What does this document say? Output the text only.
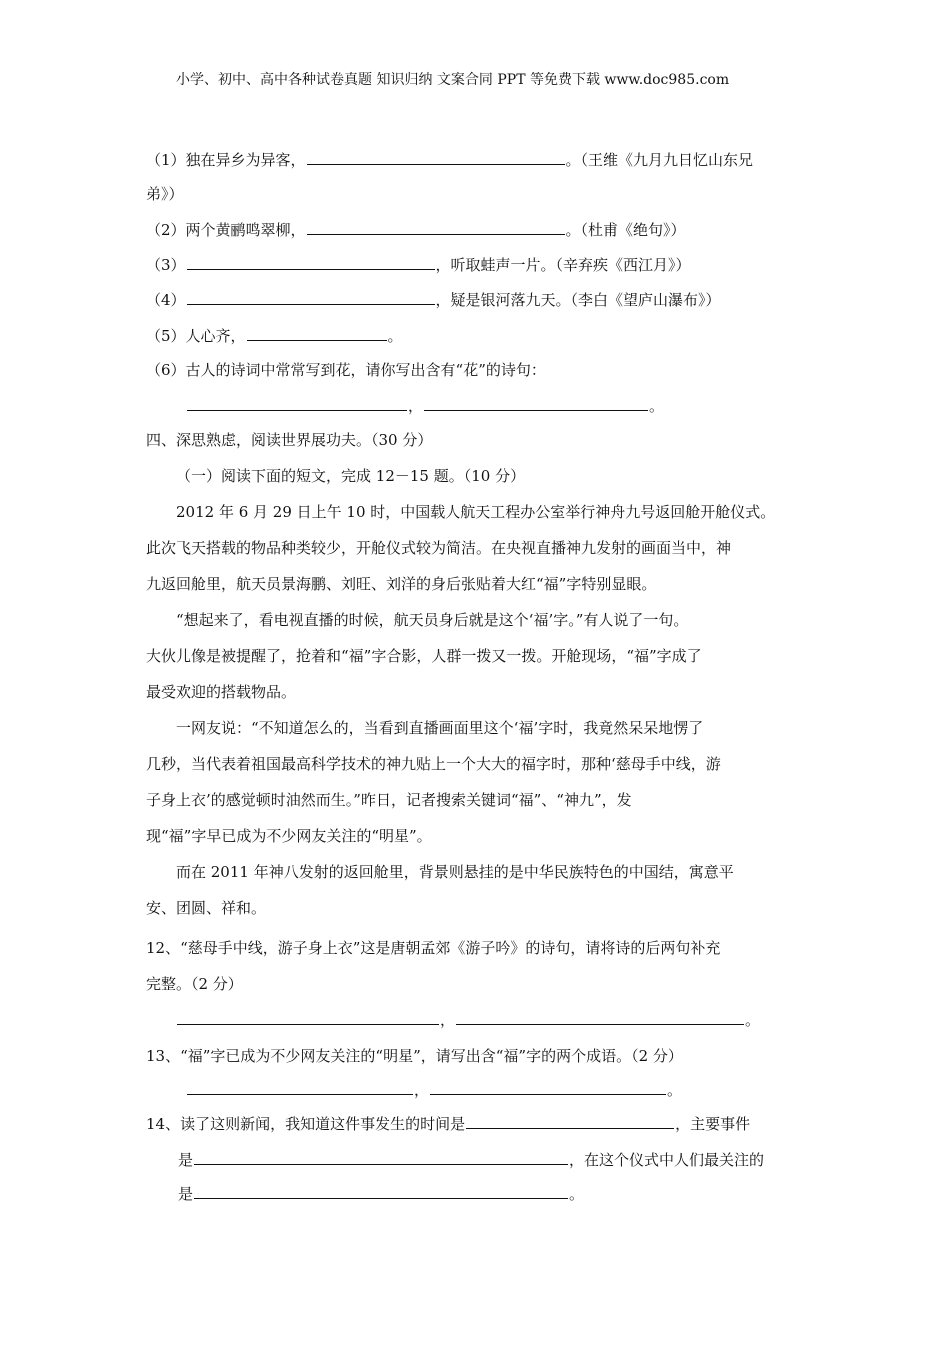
小学、初中、高中各种试卷真题 知识归纳 文案合同 PPT 等免费下载 www.doc985.com
（1）独在异乡为异客，	。（王维《九月九日忆山东兄
弟》）
（2）两个黄鹂鸣翠柳，	。（杜甫《绝句》）
（3）	，听取蛙声一片。（辛弃疾《西江月》）
（4）	，疑是银河落九天。（李白《望庐山瀑布》）
（5）人心齐，	。
（6）古人的诗词中常常写到花，请你写出含有“花”的诗句：
，	。
四、深思熟虑，阅读世界展功夫。（30 分）
（一）阅读下面的短文，完成 12－15 题。（10 分）
2012 年 6 月 29 日上午 10 时，中国载人航天工程办公室举行神舟九号返回舱开舱仪式。
此次飞天搭载的物品种类较少，开舱仪式较为简洁。在央视直播神九发射的画面当中，神
九返回舱里，航天员景海鹏、刘旺、刘洋的身后张贴着大红“福”字特别显眼。
“想起来了，看电视直播的时候，航天员身后就是这个‘福’字。”有人说了一句。
大伙儿像是被提醒了，抢着和“福”字合影，人群一拨又一拨。开舱现场，“福”字成了
最受欢迎的搭载物品。
一网友说：“不知道怎么的，当看到直播画面里这个‘福’字时，我竟然呆呆地愣了
几秒，当代表着祖国最高科学技术的神九贴上一个大大的福字时，那种‘慈母手中线，游
子身上衣’的感觉顿时油然而生。”昨日，记者搜索关键词“福”、“神九”，发
现“福”字早已成为不少网友关注的“明星”。
而在 2011 年神八发射的返回舱里，背景则悬挂的是中华民族特色的中国结，寓意平
安、团圆、祥和。
12、“慈母手中线，游子身上衣”这是唐朝孟郊《游子吟》的诗句，请将诗的后两句补充
完整。（2 分）
，	。
13、“福”字已成为不少网友关注的“明星”，请写出含“福”字的两个成语。（2 分）
，	。
14、读了这则新闻，我知道这件事发生的时间是	，主要事件
是	，在这个仪式中人们最关注的
是	。
